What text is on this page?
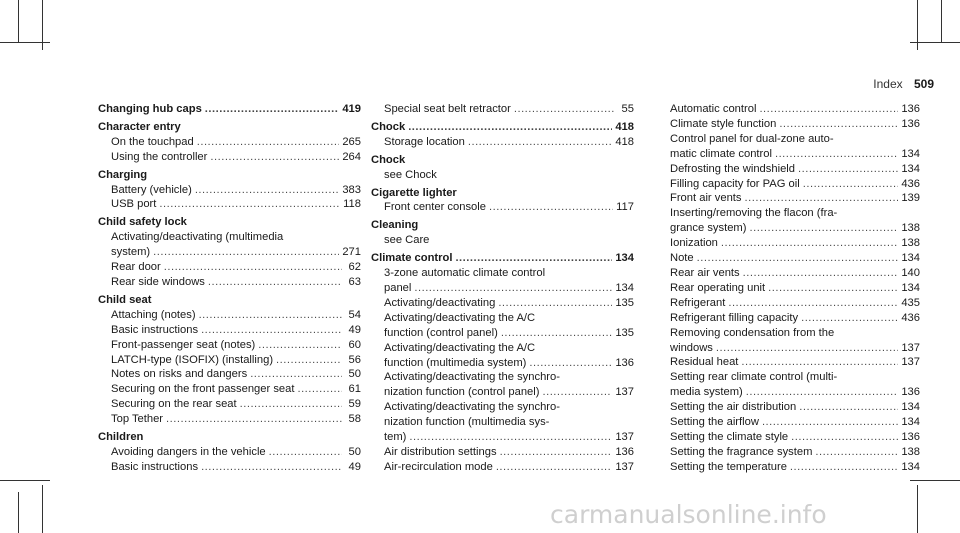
Index 509
Changing hub caps .....	419
Character entry
On the touchpad .....	265
Using the controller .....	264
Charging
Battery (vehicle) .....	383
USB port .....	118
Child safety lock
Activating/deactivating (multimedia
system) .....	271
Rear door .....	62
Rear side windows .....	63
Child seat
Attaching (notes) .....	54
Basic instructions .....	49
Front-passenger seat (notes) .....	60
LATCH-type (ISOFIX) (installing) .....	56
Notes on risks and dangers .....	50
Securing on the front passenger seat .....	61
Securing on the rear seat .....	59
Top Tether .....	58
Children
Avoiding dangers in the vehicle .....	50
Basic instructions .....	49
Special seat belt retractor .....	55
Chock .....	418
Storage location .....	418
Chock
see Chock
Cigarette lighter
Front center console .....	117
Cleaning
see Care
Climate control .....	134
3-zone automatic climate control
panel .....	134
Activating/deactivating .....	135
Activating/deactivating the A/C
function (control panel) .....	135
Activating/deactivating the A/C
function (multimedia system) .....	136
Activating/deactivating the synchro-
nization function (control panel) .....	137
Activating/deactivating the synchro-
nization function (multimedia sys-
tem) .....	137
Air distribution settings .....	136
Air-recirculation mode .....	137
Automatic control .....	136
Climate style function .....	136
Control panel for dual-zone auto-
matic climate control .....	134
Defrosting the windshield .....	134
Filling capacity for PAG oil .....	436
Front air vents .....	139
Inserting/removing the flacon (fra-
grance system) .....	138
Ionization .....	138
Note .....	134
Rear air vents .....	140
Rear operating unit .....	134
Refrigerant .....	435
Refrigerant filling capacity .....	436
Removing condensation from the
windows .....	137
Residual heat .....	137
Setting rear climate control (multi-
media system) .....	136
Setting the air distribution .....	134
Setting the airflow .....	134
Setting the climate style .....	136
Setting the fragrance system .....	138
Setting the temperature .....	134
carmanualsonline.info
